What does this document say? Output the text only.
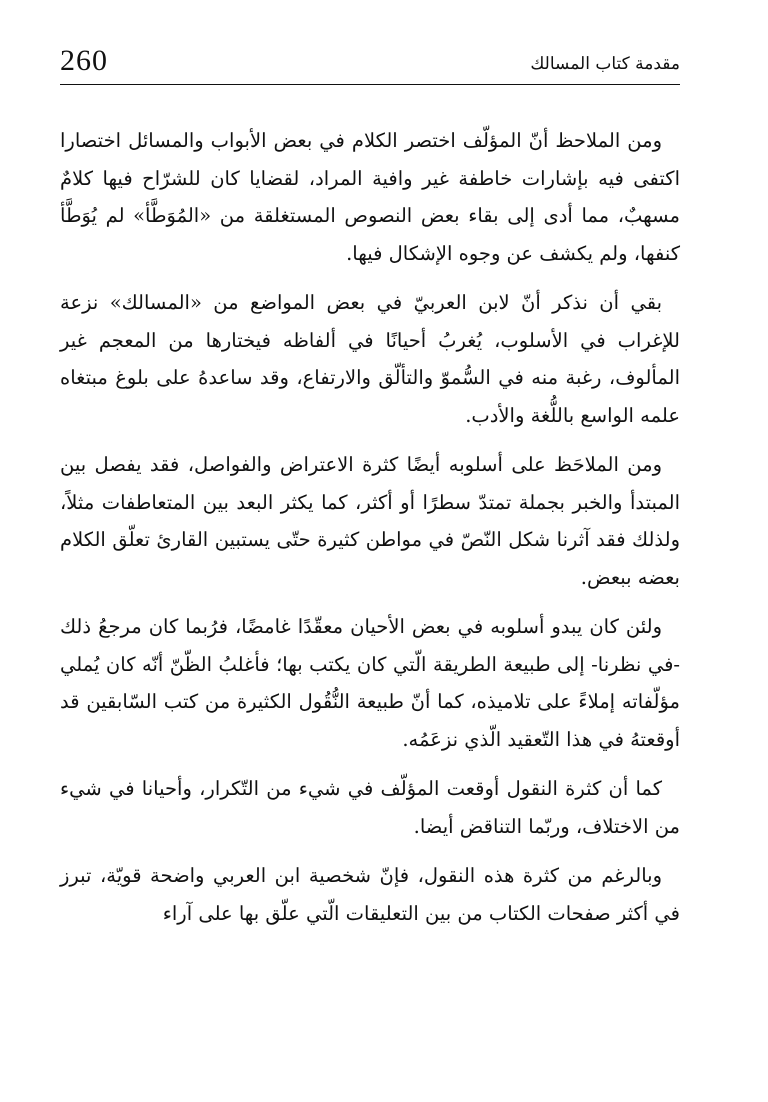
260	مقدمة كتاب المسالك

ومن الملاحظ أنّ المؤلّف اختصر الكلام في بعض الأبواب والمسائل اختصارا اكتفى فيه بإشارات خاطفة غير وافية المراد، لقضايا كان للشرّاح فيها كلامٌ مسهبٌ، مما أدى إلى بقاء بعض النصوص المستغلقة من «المُوَطَّأ» لم يُوَطَّأ كنفها، ولم يكشف عن وجوه الإشكال فيها.

بقي أن نذكر أنّ لابن العربيّ في بعض المواضع من «المسالك» نزعة للإغراب في الأسلوب، يُغربُ أحيانًا في ألفاظه فيختارها من المعجم غير المألوف، رغبة منه في السُّموّ والتألّق والارتفاع، وقد ساعدهُ على بلوغ مبتغاه علمه الواسع باللُّغة والأدب.

ومن الملاحَظ على أسلوبه أيضًا كثرة الاعتراض والفواصل، فقد يفصل بين المبتدأ والخبر بجملة تمتدّ سطرًا أو أكثر، كما يكثر البعد بين المتعاطفات مثلاً، ولذلك فقد آثرنا شكل النّصّ في مواطن كثيرة حتّى يستبين القارئ تعلّق الكلام بعضه ببعض.

ولئن كان يبدو أسلوبه في بعض الأحيان معقّدًا غامضًا، فرُبما كان مرجعُ ذلك -في نظرنا- إلى طبيعة الطريقة الّتي كان يكتب بها؛ فأغلبُ الظّنّ أنّه كان يُملي مؤلّفاته إملاءً على تلاميذه، كما أنّ طبيعة النُّقُول الكثيرة من كتب السّابقين قد أوقعتهُ في هذا التّعقيد الّذي نزعَمُه.

كما أن كثرة النقول أوقعت المؤلّف في شيء من التّكرار، وأحيانا في شيء من الاختلاف، وربّما التناقض أيضا.

وبالرغم من كثرة هذه النقول، فإنّ شخصية ابن العربي واضحة قويّة، تبرز في أكثر صفحات الكتاب من بين التعليقات الّتي علّق بها على آراء
